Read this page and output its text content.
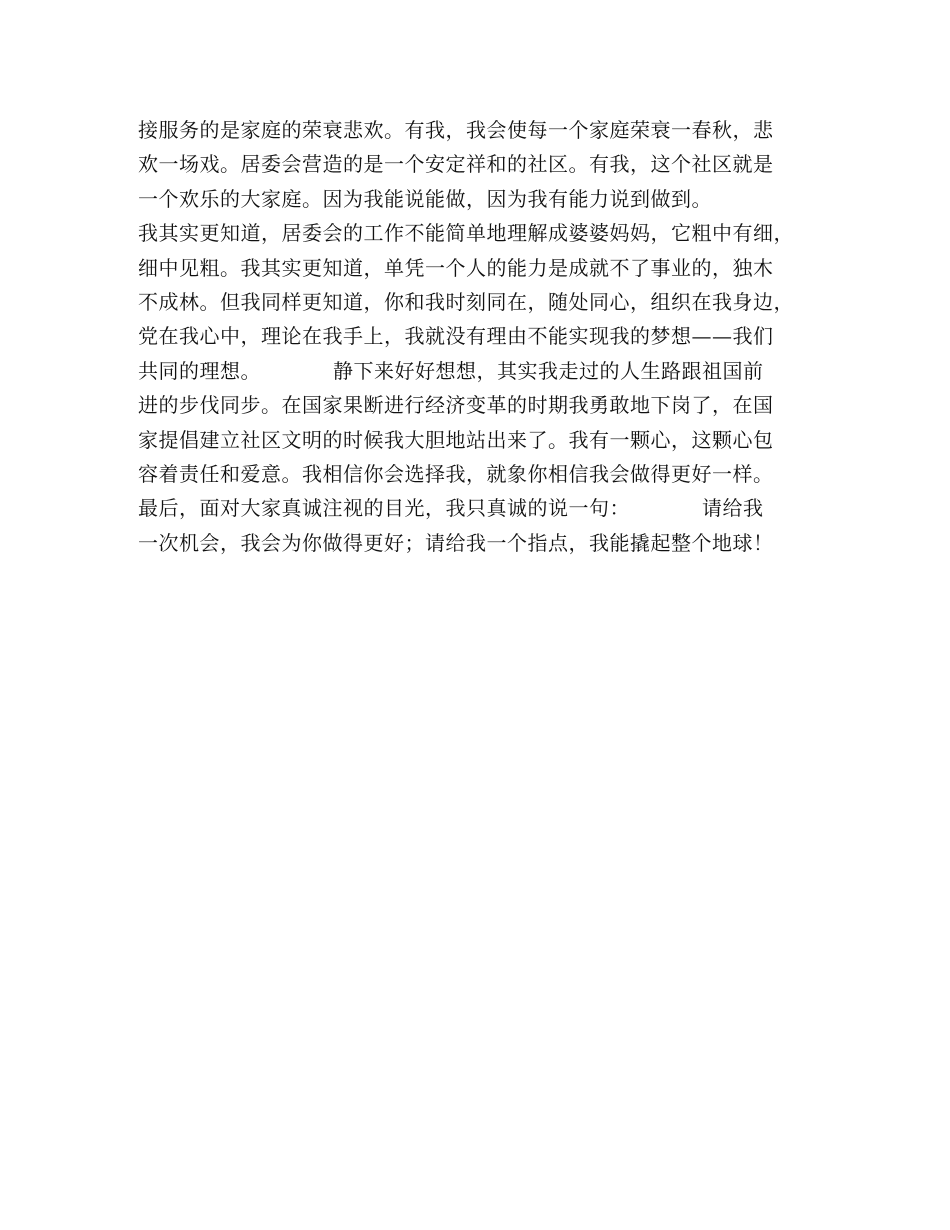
接服务的是家庭的荣衰悲欢。有我，我会使每一个家庭荣衰一春秋，悲
欢一场戏。居委会营造的是一个安定祥和的社区。有我，这个社区就是
一个欢乐的大家庭。因为我能说能做，因为我有能力说到做到。
我其实更知道，居委会的工作不能简单地理解成婆婆妈妈，它粗中有细，
细中见粗。我其实更知道，单凭一个人的能力是成就不了事业的，独木
不成林。但我同样更知道，你和我时刻同在，随处同心，组织在我身边，
党在我心中，理论在我手上，我就没有理由不能实现我的梦想——我们
共同的理想。　　　　静下来好好想想，其实我走过的人生路跟祖国前
进的步伐同步。在国家果断进行经济变革的时期我勇敢地下岗了，在国
家提倡建立社区文明的时候我大胆地站出来了。我有一颗心，这颗心包
容着责任和爱意。我相信你会选择我，就象你相信我会做得更好一样。
最后，面对大家真诚注视的目光，我只真诚的说一句：　　　　请给我
一次机会，我会为你做得更好；请给我一个指点，我能撬起整个地球！
